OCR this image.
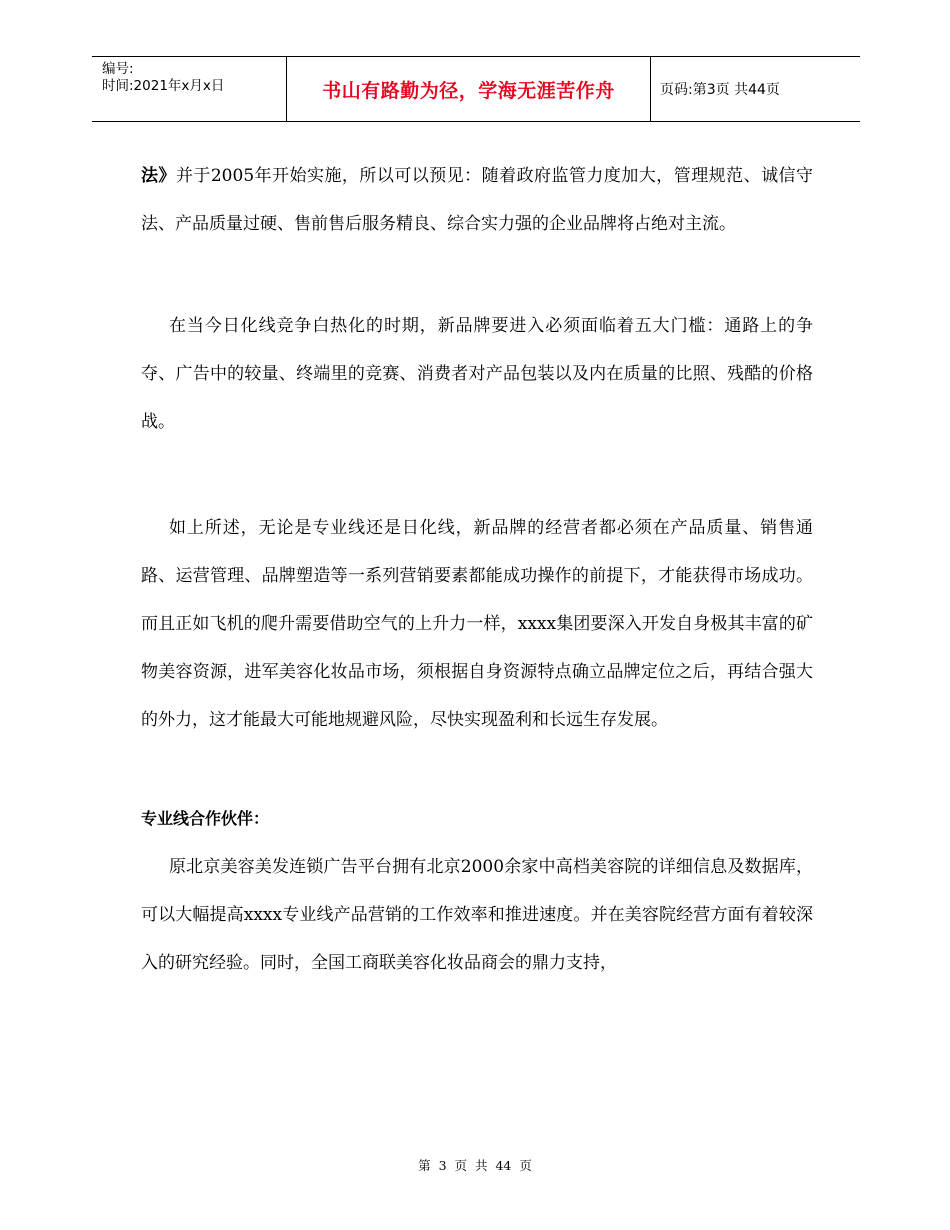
编号:
时间:2021年x月x日	书山有路勤为径，学海无涯苦作舟	页码:第3页 共44页

法》并于2005年开始实施，所以可以预见：随着政府监管力度加大，管理规范、诚信守法、产品质量过硬、售前售后服务精良、综合实力强的企业品牌将占绝对主流。

在当今日化线竞争白热化的时期，新品牌要进入必须面临着五大门槛：通路上的争夺、广告中的较量、终端里的竞赛、消费者对产品包装以及内在质量的比照、残酷的价格战。

如上所述，无论是专业线还是日化线，新品牌的经营者都必须在产品质量、销售通路、运营管理、品牌塑造等一系列营销要素都能成功操作的前提下，才能获得市场成功。而且正如飞机的爬升需要借助空气的上升力一样，xxxx集团要深入开发自身极其丰富的矿物美容资源，进军美容化妆品市场，须根据自身资源特点确立品牌定位之后，再结合强大的外力，这才能最大可能地规避风险，尽快实现盈利和长远生存发展。

专业线合作伙伴：

原北京美容美发连锁广告平台拥有北京2000余家中高档美容院的详细信息及数据库，可以大幅提高xxxx专业线产品营销的工作效率和推进速度。并在美容院经营方面有着较深入的研究经验。同时，全国工商联美容化妆品商会的鼎力支持，

第 3 页 共 44 页
